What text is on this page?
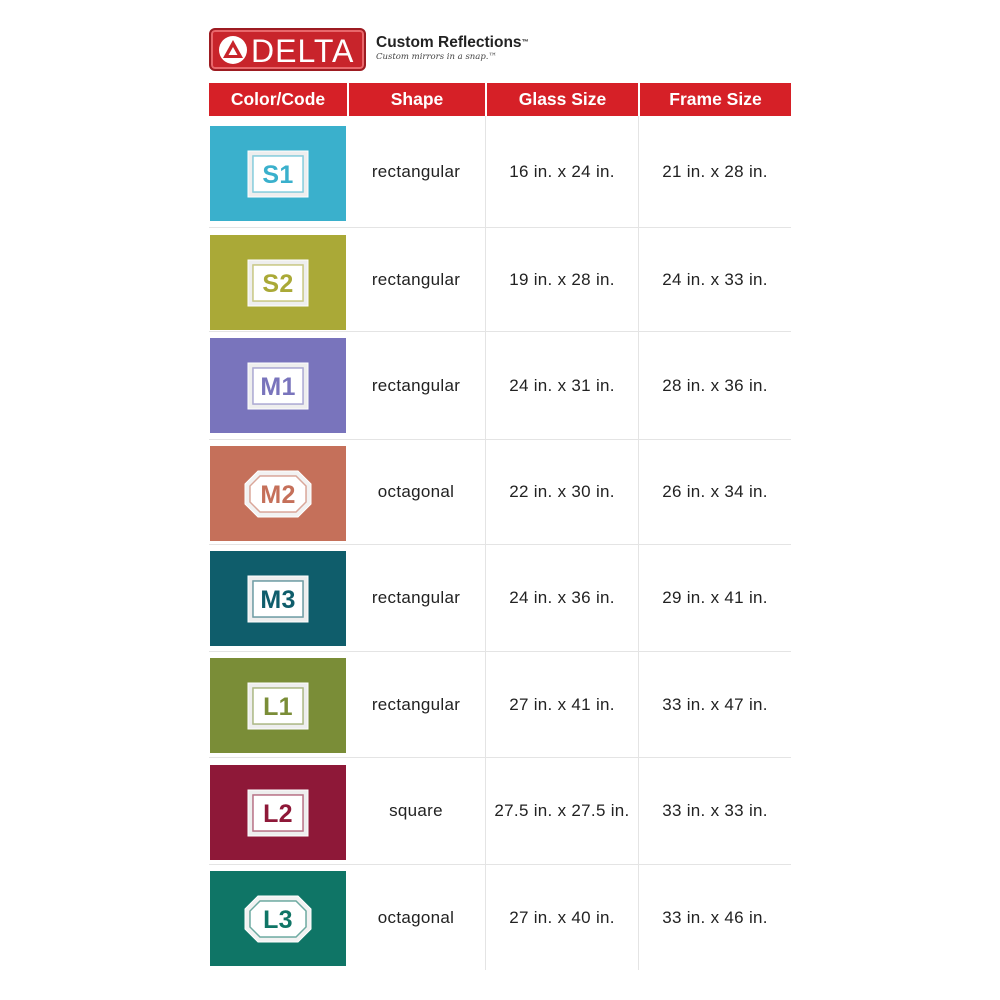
DELTA Custom Reflections™
Custom mirrors in a snap.™
Color/Code	Shape	Glass Size	Frame Size
S1	rectangular	16 in. x 24 in.	21 in. x 28 in.
S2	rectangular	19 in. x 28 in.	24 in. x 33 in.
M1	rectangular	24 in. x 31 in.	28 in. x 36 in.
M2	octagonal	22 in. x 30 in.	26 in. x 34 in.
M3	rectangular	24 in. x 36 in.	29 in. x 41 in.
L1	rectangular	27 in. x 41 in.	33 in. x 47 in.
L2	square	27.5 in. x 27.5 in.	33 in. x 33 in.
L3	octagonal	27 in. x 40 in.	33 in. x 46 in.
